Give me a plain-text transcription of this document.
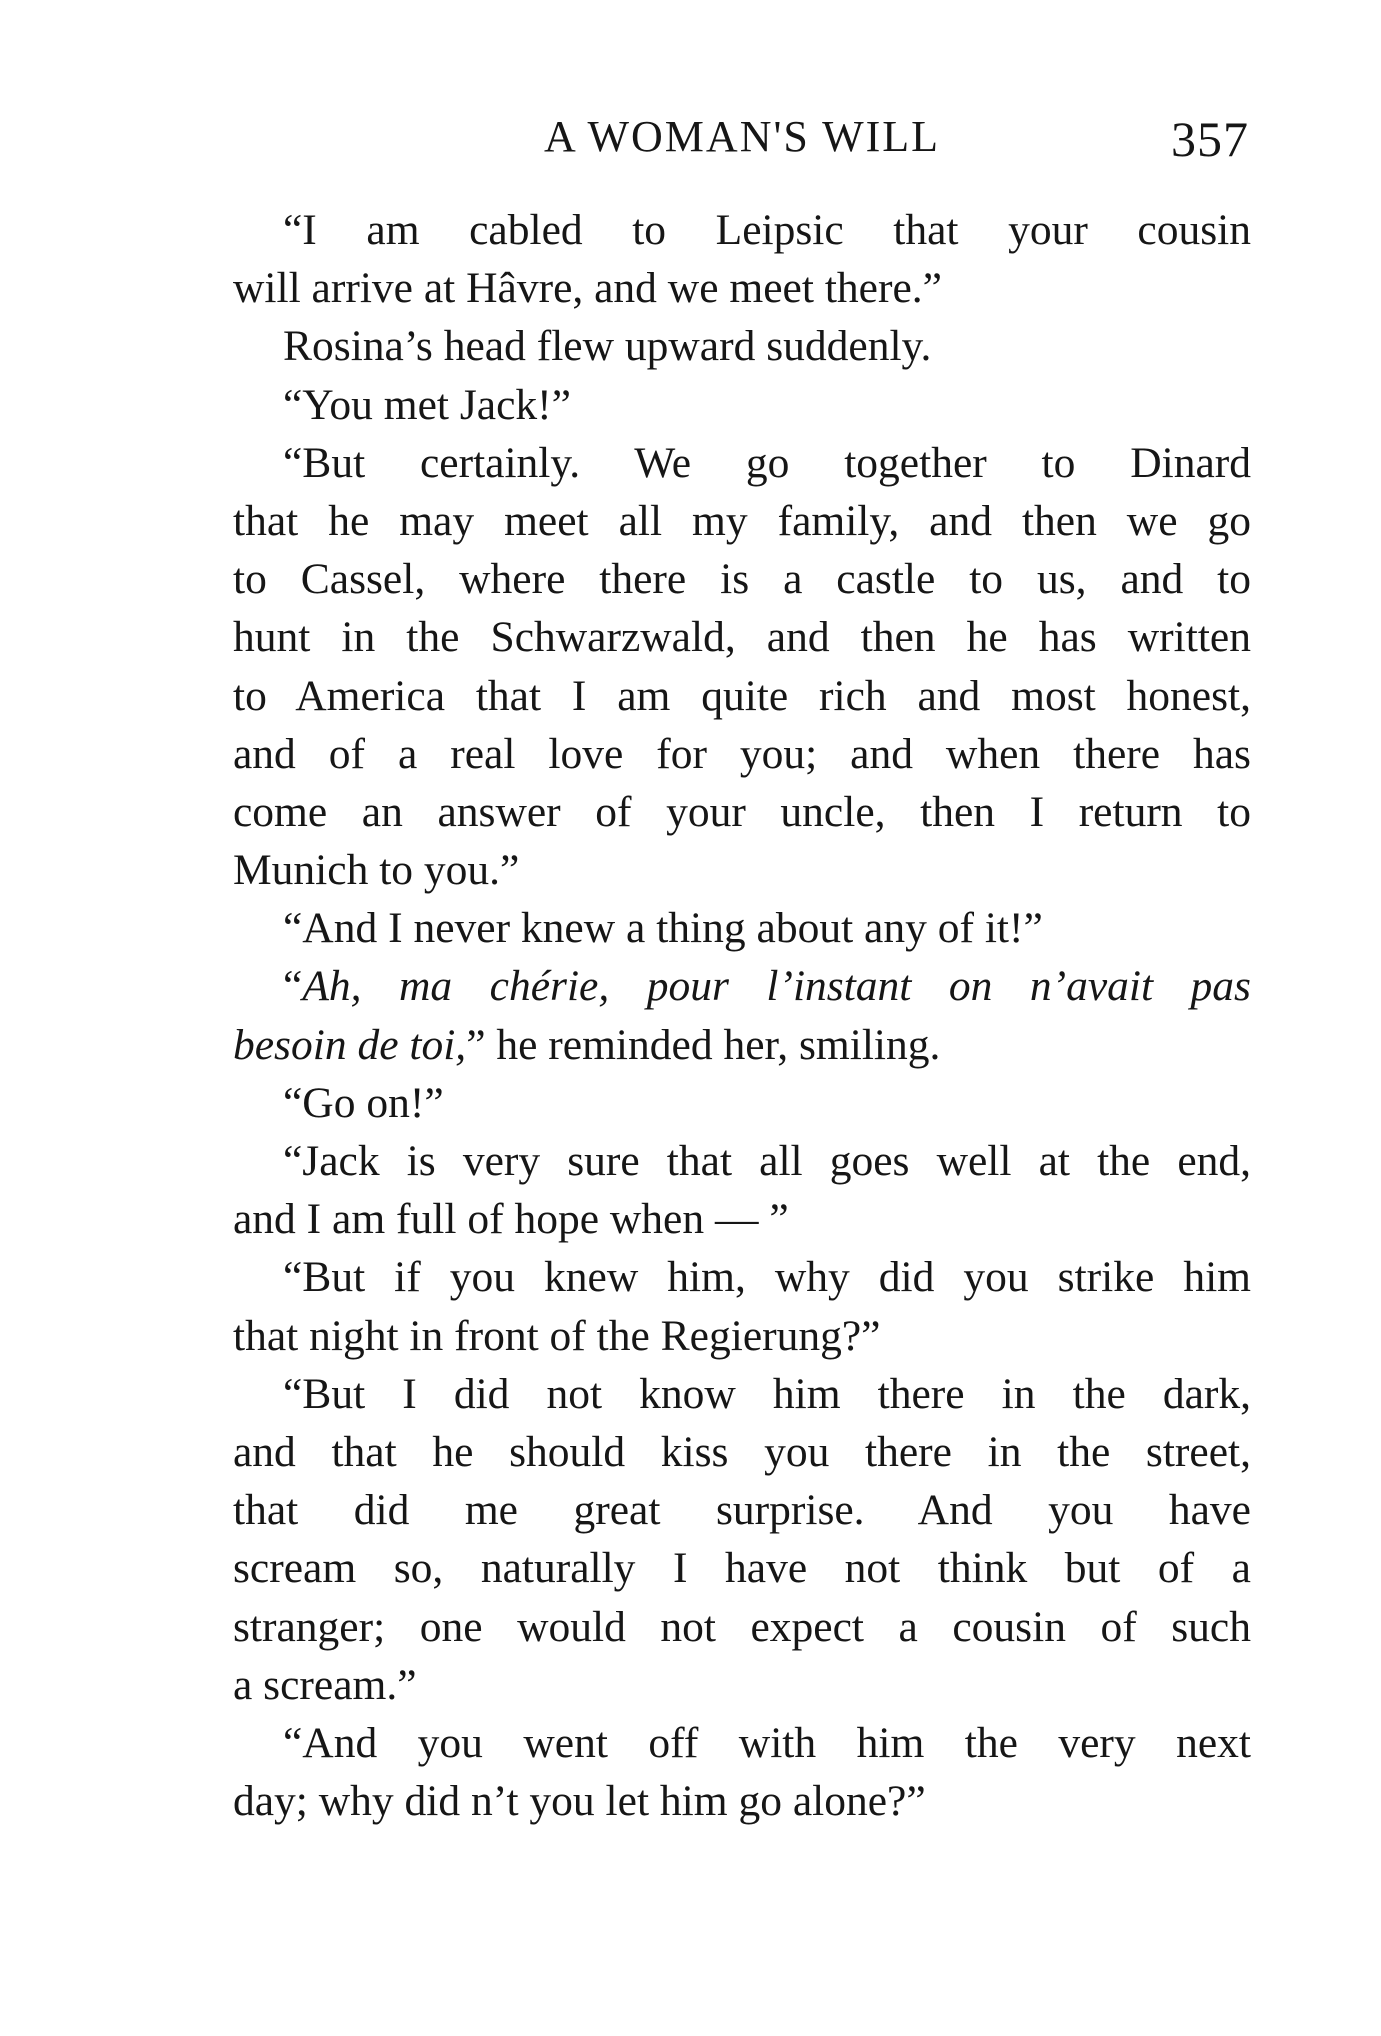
A WOMAN'S WILL	357
“I am cabled to Leipsic that your cousin
will arrive at Hâvre, and we meet there.”
Rosina’s head flew upward suddenly.
“You met Jack!”
“But certainly. We go together to Dinard
that he may meet all my family, and then we go
to Cassel, where there is a castle to us, and to
hunt in the Schwarzwald, and then he has written
to America that I am quite rich and most honest,
and of a real love for you; and when there has
come an answer of your uncle, then I return to
Munich to you.”
“And I never knew a thing about any of it!”
“Ah, ma chérie, pour l’instant on n’avait pas
besoin de toi,” he reminded her, smiling.
“Go on!”
“Jack is very sure that all goes well at the end,
and I am full of hope when — ”
“But if you knew him, why did you strike him
that night in front of the Regierung?”
“But I did not know him there in the dark,
and that he should kiss you there in the street,
that did me great surprise. And you have
scream so, naturally I have not think but of a
stranger; one would not expect a cousin of such
a scream.”
“And you went off with him the very next
day; why did n’t you let him go alone?”
